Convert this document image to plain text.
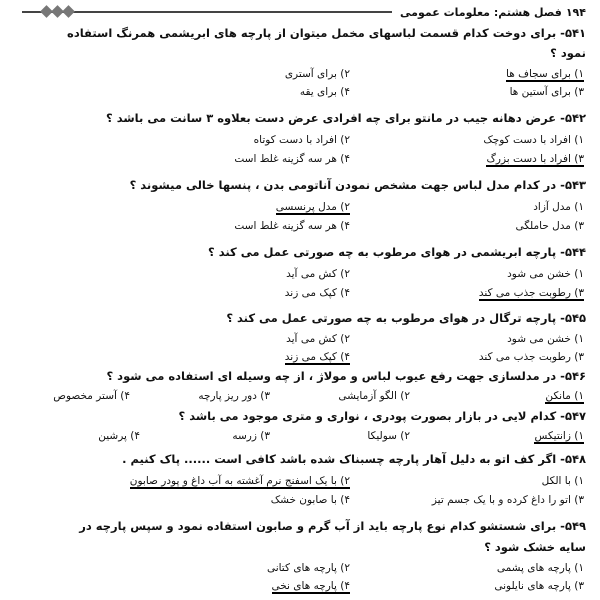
۱۹۴
فصل هشتم: معلومات عمومی
۵۴۱- برای دوخت کدام قسمت لباسهای مخمل میتوان از پارچه های ابریشمی همرنگ استفاده
نمود ؟
۱) برای سجاف ها
۲) برای آستری
۳) برای آستین ها
۴) برای یقه
۵۴۲- عرض دهانه جیب در مانتو برای چه افرادی عرض دست بعلاوه ۳ سانت می باشد ؟
۱) افراد با دست کوچک
۲) افراد با دست کوتاه
۳) افراد با دست بزرگ
۴) هر سه گزینه غلط است
۵۴۳- در کدام مدل لباس جهت مشخص نمودن آناتومی بدن ، پنسها خالی میشوند ؟
۱) مدل آزاد
۲) مدل پرنسسی
۳) مدل حاملگی
۴) هر سه گزینه غلط است
۵۴۴- پارچه ابریشمی در هوای مرطوب به چه صورتی عمل می کند ؟
۱) خشن می شود
۲) کش می آید
۳) رطوبت جذب می کند
۴) کپک می زند
۵۴۵- پارچه ترگال در هوای مرطوب به چه صورتی عمل می کند ؟
۱) خشن می شود
۲) کش می آید
۳) رطوبت جذب می کند
۴) کپک می زند
۵۴۶- در مدلسازی جهت رفع عیوب لباس و مولاژ ، از چه وسیله ای استفاده می شود ؟
۱) مانکن
۲) الگو آزمایشی
۳) دور ریز پارچه
۴) آستر مخصوص
۵۴۷- کدام لایی در بازار بصورت پودری ، نواری و متری موجود می باشد ؟
۱) زانتیکس
۲) سولیکا
۳) زرسه
۴) پرشین
۵۴۸- اگر کف اتو به دلیل آهار پارچه چسبناک شده باشد کافی است ...... پاک کنیم .
۱) با الکل
۲) با یک اسفنج نرم آغشته به آب داغ و پودر صابون
۳) اتو را داغ کرده و با یک جسم تیز
۴) با صابون خشک
۵۴۹- برای شستشو کدام نوع پارچه باید از آب گرم و صابون استفاده نمود و سپس پارچه در
سایه خشک شود ؟
۱) پارچه های پشمی
۲) پارچه های کتانی
۳) پارچه های نایلونی
۴) پارچه های نخی
